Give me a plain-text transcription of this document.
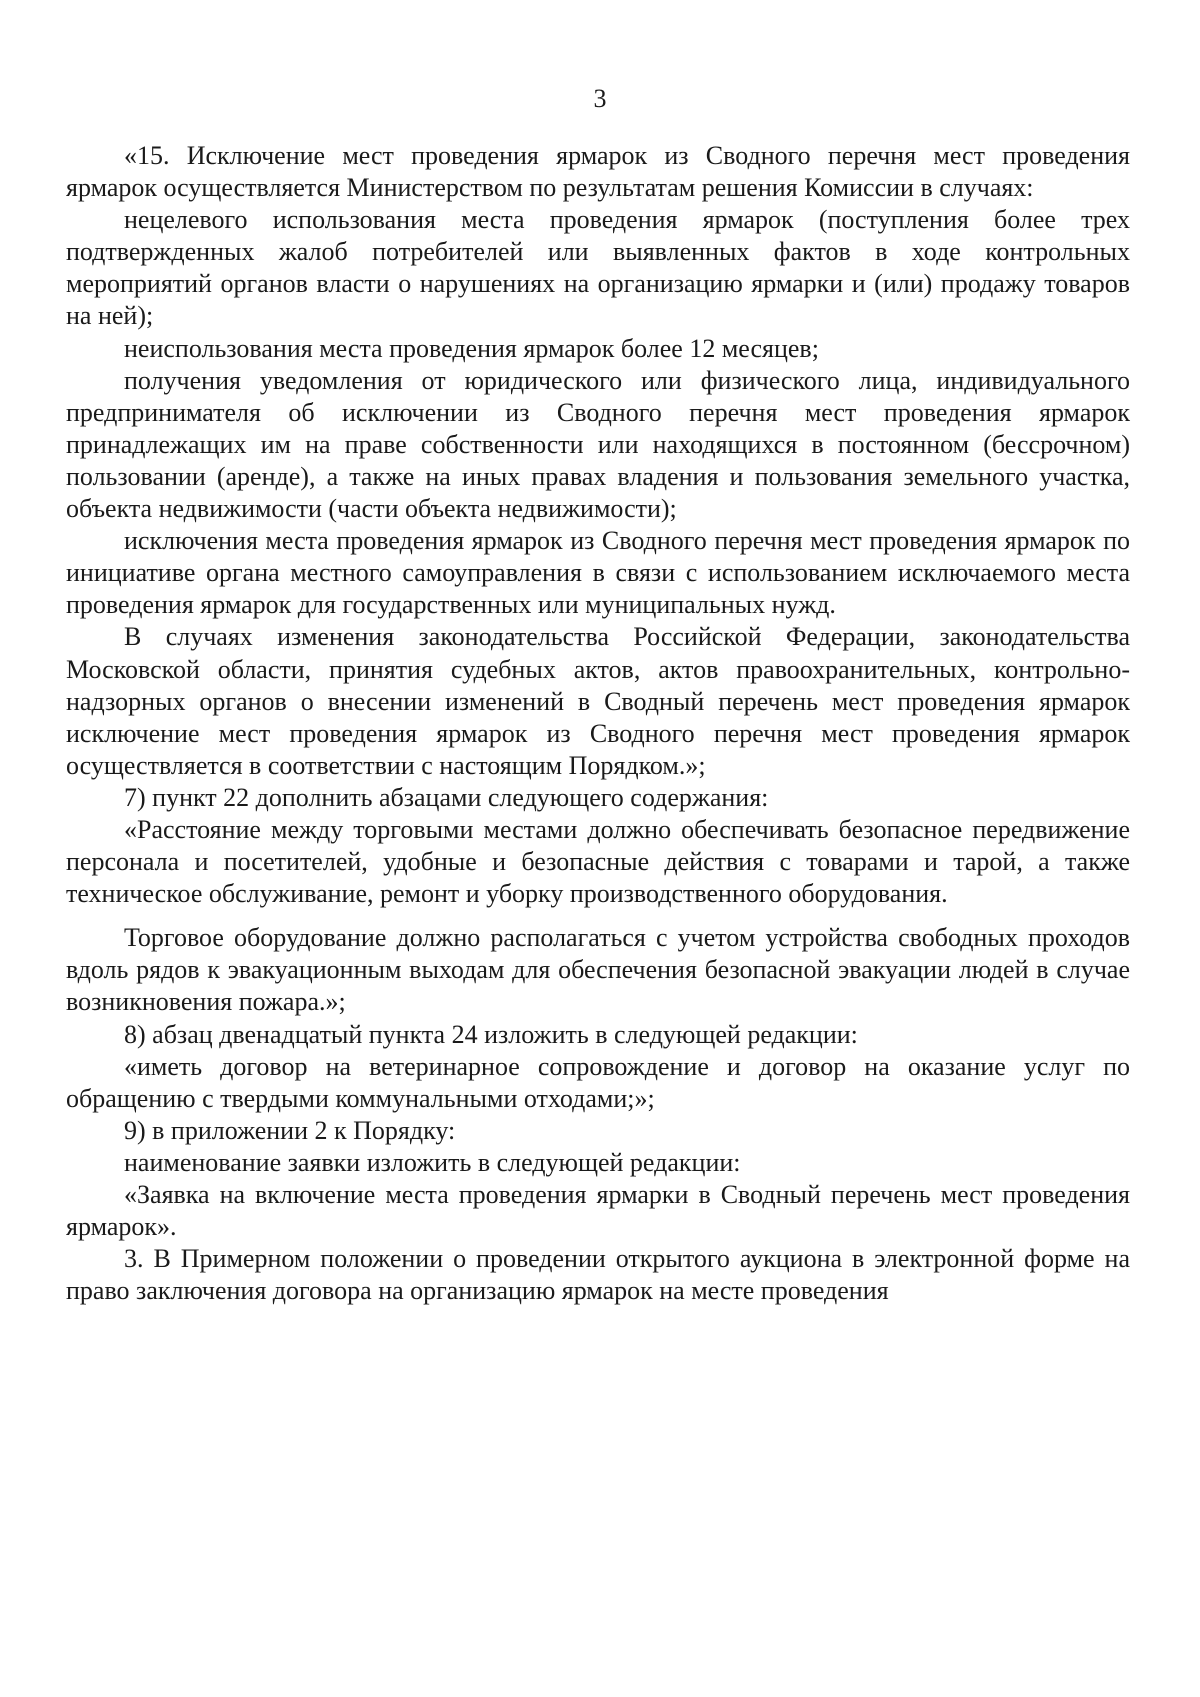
3

«15. Исключение мест проведения ярмарок из Сводного перечня мест проведения ярмарок осуществляется Министерством по результатам решения Комиссии в случаях:

нецелевого использования места проведения ярмарок (поступления более трех подтвержденных жалоб потребителей или выявленных фактов в ходе контрольных мероприятий органов власти о нарушениях на организацию ярмарки и (или) продажу товаров на ней);

неиспользования места проведения ярмарок более 12 месяцев;

получения уведомления от юридического или физического лица, индивидуального предпринимателя об исключении из Сводного перечня мест проведения ярмарок принадлежащих им на праве собственности или находящихся в постоянном (бессрочном) пользовании (аренде), а также на иных правах владения и пользования земельного участка, объекта недвижимости (части объекта недвижимости);

исключения места проведения ярмарок из Сводного перечня мест проведения ярмарок по инициативе органа местного самоуправления в связи с использованием исключаемого места проведения ярмарок для государственных или муниципальных нужд.

В случаях изменения законодательства Российской Федерации, законодательства Московской области, принятия судебных актов, актов правоохранительных, контрольно-надзорных органов о внесении изменений в Сводный перечень мест проведения ярмарок исключение мест проведения ярмарок из Сводного перечня мест проведения ярмарок осуществляется в соответствии с настоящим Порядком.»;

7) пункт 22 дополнить абзацами следующего содержания:

«Расстояние между торговыми местами должно обеспечивать безопасное передвижение персонала и посетителей, удобные и безопасные действия с товарами и тарой, а также техническое обслуживание, ремонт и уборку производственного оборудования.

Торговое оборудование должно располагаться с учетом устройства свободных проходов вдоль рядов к эвакуационным выходам для обеспечения безопасной эвакуации людей в случае возникновения пожара.»;

8) абзац двенадцатый пункта 24 изложить в следующей редакции:

«иметь договор на ветеринарное сопровождение и договор на оказание услуг по обращению с твердыми коммунальными отходами;»;

9) в приложении 2 к Порядку:

наименование заявки изложить в следующей редакции:

«Заявка на включение места проведения ярмарки в Сводный перечень мест проведения ярмарок».

3. В Примерном положении о проведении открытого аукциона в электронной форме на право заключения договора на организацию ярмарок на месте проведения
